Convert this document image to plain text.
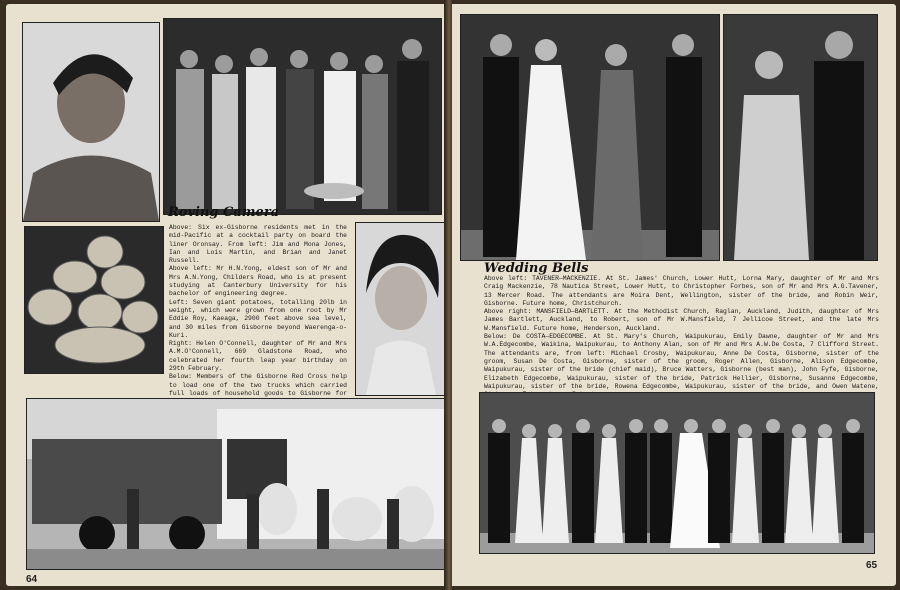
Roving Camera

Above: Six ex-Gisborne residents met in the mid-Pacific at a cocktail party on board the liner Oronsay. From left: Jim and Mona Jones, Ian and Lois Martin, and Brian and Janet Russell.

Above left: Mr H.N.Yong, eldest son of Mr and Mrs A.N.Yong, Childers Road, who is at present studying at Canterbury University for his bachelor of engineering degree.

Left: Seven giant potatoes, totalling 20lb in weight, which were grown from one root by Mr Eddie Roy, Kaeaga, 2900 feet above sea level, and 30 miles from Gisborne beyond Waerenga-o-Kuri.

Right: Helen O'Connell, daughter of Mr and Mrs A.M.O'Connell, 669 Gladstone Road, who celebrated her fourth leap year birthday on 29th February.

Below: Members of the Gisborne Red Cross help to load one of the two trucks which carried full loads of household goods to Gisborne for

64
Wedding Bells

Above left: TAVENER—MACKENZIE. At St. James' Church, Lower Hutt, Lorna Mary, daughter of Mr and Mrs Craig Mackenzie, 78 Nautica Street, Lower Hutt, to Christopher Forbes, son of Mr and Mrs A.G.Tavener, 13 Mercer Road. The attendants are Moira Dent, Wellington, sister of the bride, and Robin Weir, Gisborne. Future home, Christchurch.

Above right: MANSFIELD—BARTLETT. At the Methodist Church, Raglan, Auckland, Judith, daughter of Mrs James Bartlett, Auckland, to Robert, son of Mr W.Mansfield, 7 Jellicoe Street, and the late Mrs W.Mansfield. Future home, Henderson, Auckland.

Below: De COSTA—EDGECOMBE. At St. Mary's Church, Waipukurau, Emily Dawne, daughter of Mr and Mrs W.A.Edgecombe, Waikina, Waipukurau, to Anthony Alan, son of Mr and Mrs A.W.De Costa, 7 Clifford Street. The attendants are, from left: Michael Crosby, Waipukurau, Anne De Costa, Gisborne, sister of the groom, Susan De Costa, Gisborne, sister of the groom, Roger Allen, Gisborne, Alison Edgecombe, Waipukurau, sister of the bride (chief maid), Bruce Watters, Gisborne (best man), John Fyfe, Gisborne, Elizabeth Edgecombe, Waipukurau, sister of the bride, Patrick Hellier, Gisborne, Susanne Edgecombe, Waipukurau, sister of the bride, Rowena Edgecombe, Waipukurau, sister of the bride, and Owen Watene,

65
